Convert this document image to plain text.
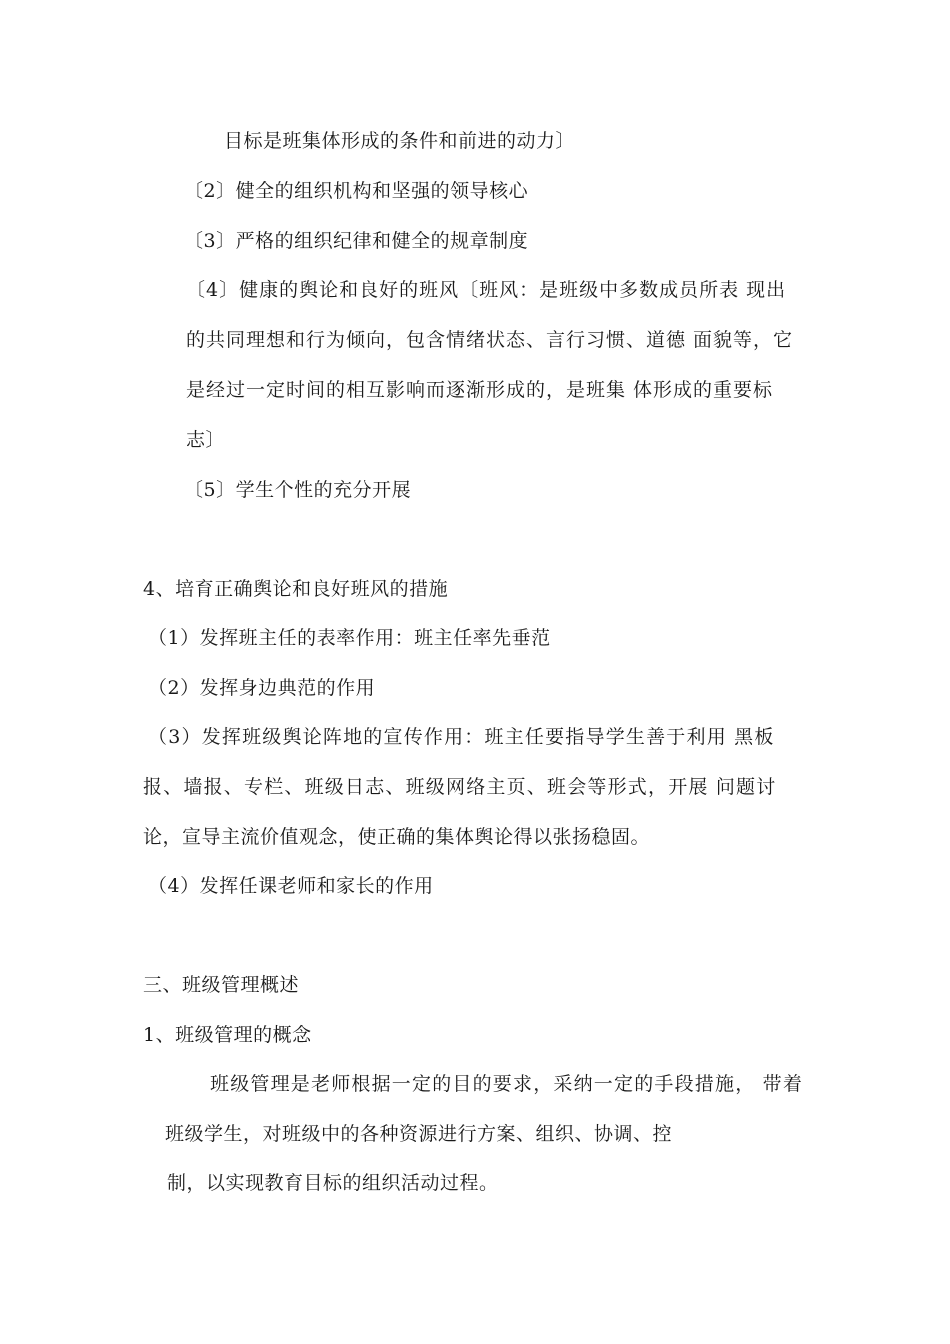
目标是班集体形成的条件和前进的动力〕
〔2〕健全的组织机构和坚强的领导核心
〔3〕严格的组织纪律和健全的规章制度
〔4〕健康的舆论和良好的班风〔班风：是班级中多数成员所表 现出
的共同理想和行为倾向，包含情绪状态、言行习惯、道德 面貌等，它
是经过一定时间的相互影响而逐渐形成的，是班集 体形成的重要标
志〕
〔5〕学生个性的充分开展
4、培育正确舆论和良好班风的措施
（1）发挥班主任的表率作用：班主任率先垂范
（2）发挥身边典范的作用
（3）发挥班级舆论阵地的宣传作用：班主任要指导学生善于利用 黑板
报、墙报、专栏、班级日志、班级网络主页、班会等形式，开展 问题讨
论，宣导主流价值观念，使正确的集体舆论得以张扬稳固。
（4）发挥任课老师和家长的作用
三、班级管理概述
1、班级管理的概念
班级管理是老师根据一定的目的要求，采纳一定的手段措施， 带着
班级学生，对班级中的各种资源进行方案、组织、协调、控
制，以实现教育目标的组织活动过程。
